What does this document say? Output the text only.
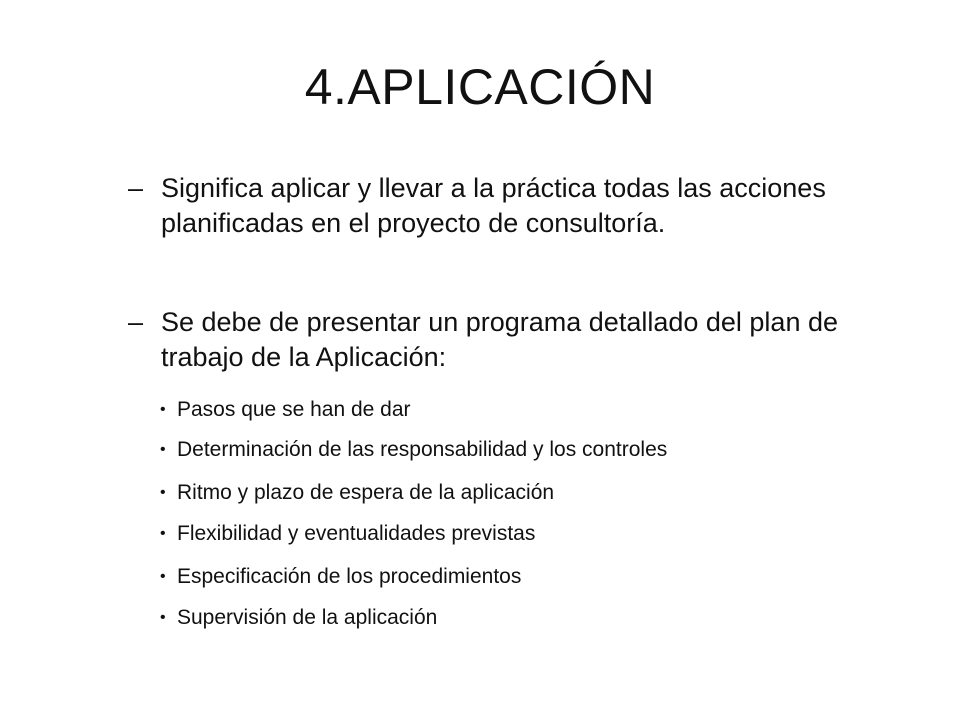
4.APLICACIÓN
– Significa aplicar y llevar a la práctica todas las acciones planificadas en el proyecto de consultoría.
– Se debe de presentar un programa detallado del plan de trabajo de la Aplicación:
• Pasos que se han de dar
• Determinación de las responsabilidad y los controles
• Ritmo y plazo de espera de la aplicación
• Flexibilidad y eventualidades previstas
• Especificación de los procedimientos
• Supervisión de la aplicación
